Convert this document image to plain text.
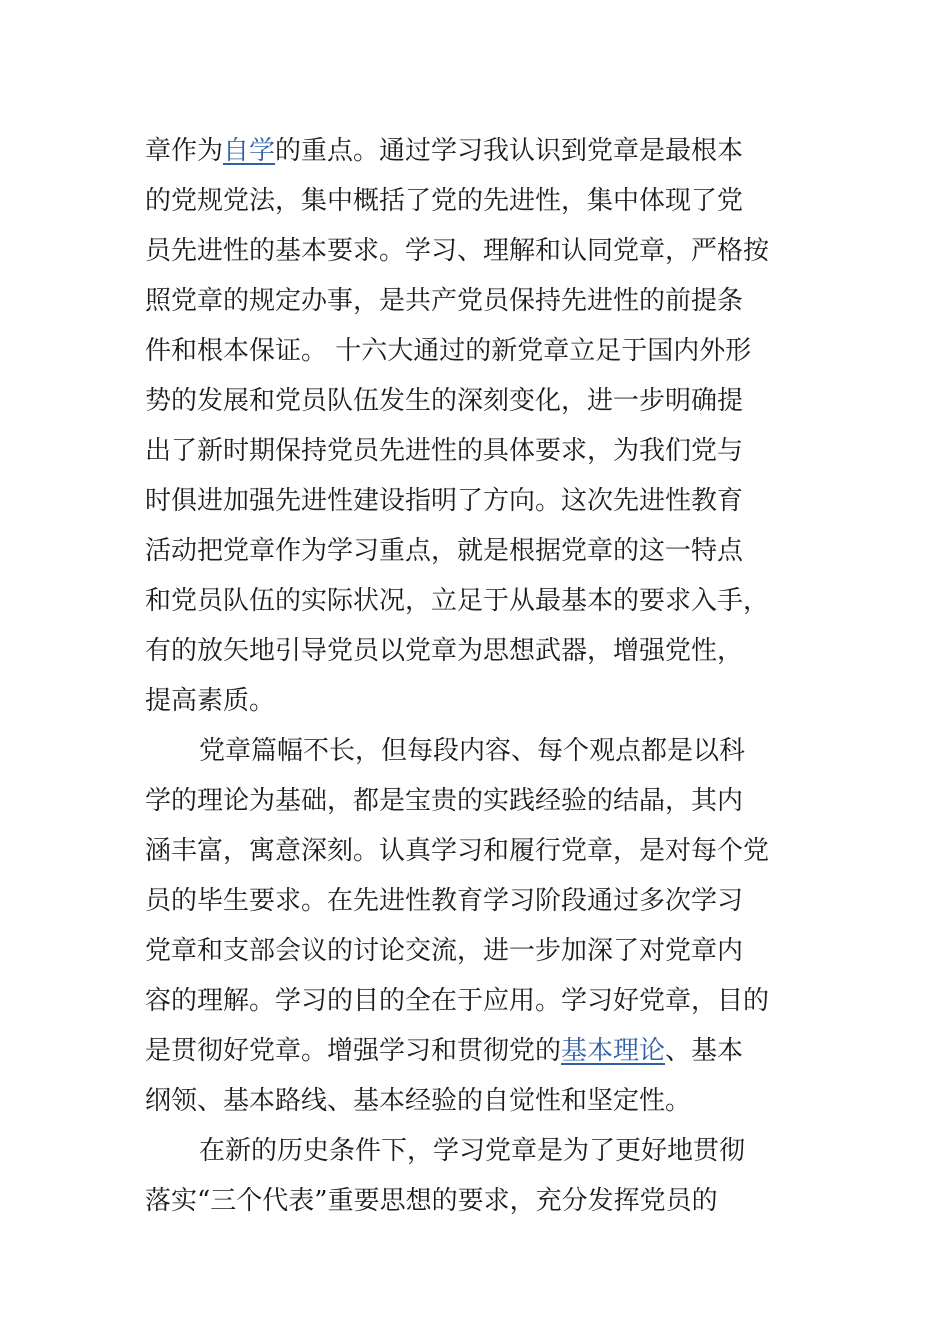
章作为自学的重点。通过学习我认识到党章是最根本
的党规党法，集中概括了党的先进性，集中体现了党
员先进性的基本要求。学习、理解和认同党章，严格按
照党章的规定办事，是共产党员保持先进性的前提条
件和根本保证。 十六大通过的新党章立足于国内外形
势的发展和党员队伍发生的深刻变化，进一步明确提
出了新时期保持党员先进性的具体要求，为我们党与
时俱进加强先进性建设指明了方向。这次先进性教育
活动把党章作为学习重点，就是根据党章的这一特点
和党员队伍的实际状况，立足于从最基本的要求入手，
有的放矢地引导党员以党章为思想武器，增强党性，
提高素质。
党章篇幅不长，但每段内容、每个观点都是以科
学的理论为基础，都是宝贵的实践经验的结晶，其内
涵丰富，寓意深刻。认真学习和履行党章，是对每个党
员的毕生要求。在先进性教育学习阶段通过多次学习
党章和支部会议的讨论交流，进一步加深了对党章内
容的理解。学习的目的全在于应用。学习好党章，目的
是贯彻好党章。增强学习和贯彻党的基本理论、基本
纲领、基本路线、基本经验的自觉性和坚定性。
在新的历史条件下，学习党章是为了更好地贯彻
落实“三个代表”重要思想的要求，充分发挥党员的
